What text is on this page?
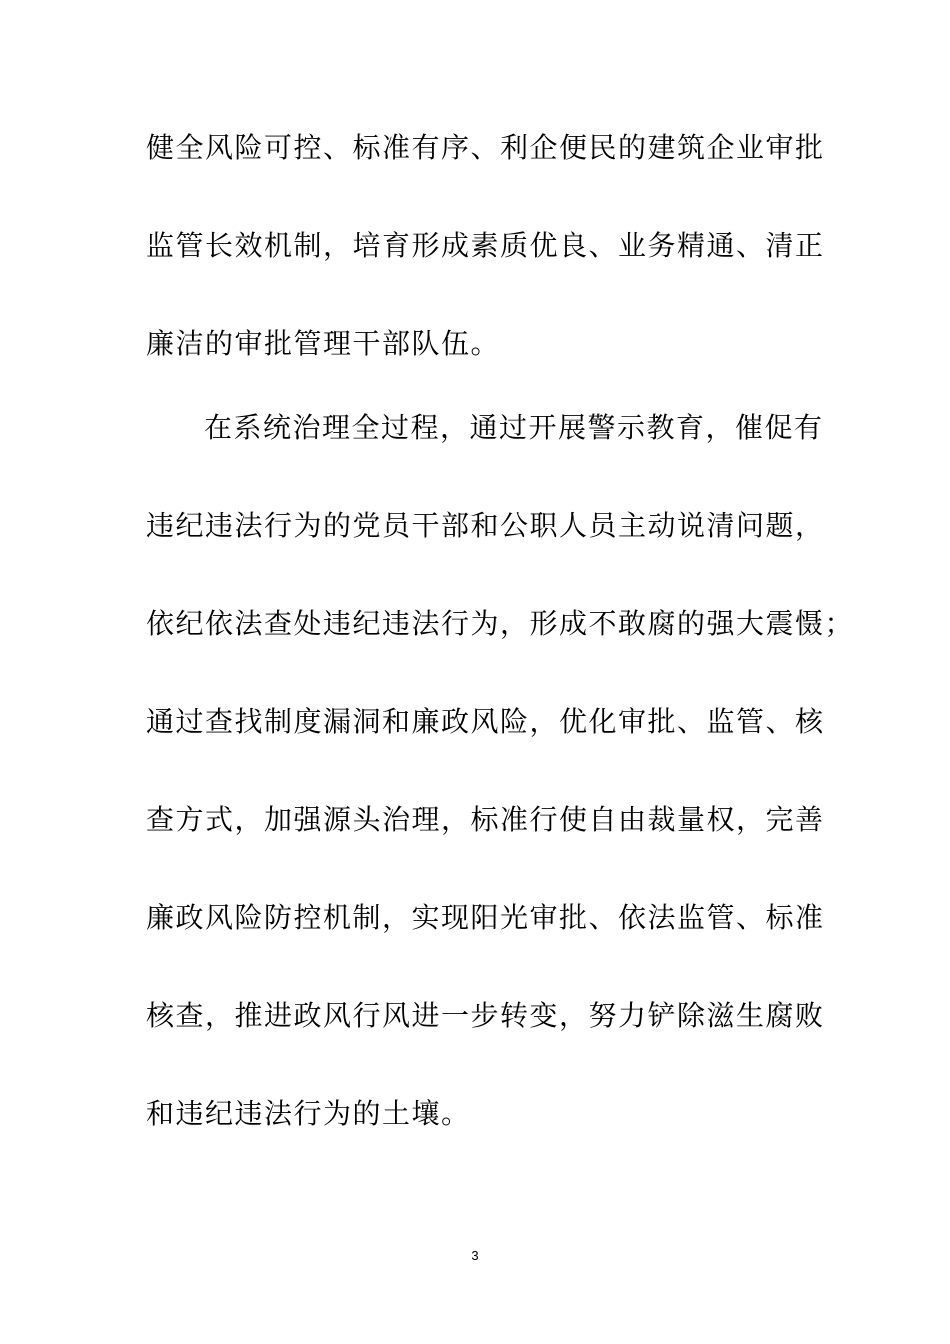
健全风险可控、标准有序、利企便民的建筑企业审批
监管长效机制，培育形成素质优良、业务精通、清正
廉洁的审批管理干部队伍。
在系统治理全过程，通过开展警示教育，催促有
违纪违法行为的党员干部和公职人员主动说清问题，
依纪依法查处违纪违法行为，形成不敢腐的强大震慑；
通过查找制度漏洞和廉政风险，优化审批、监管、核
查方式，加强源头治理，标准行使自由裁量权，完善
廉政风险防控机制，实现阳光审批、依法监管、标准
核查，推进政风行风进一步转变，努力铲除滋生腐败
和违纪违法行为的土壤。
3
